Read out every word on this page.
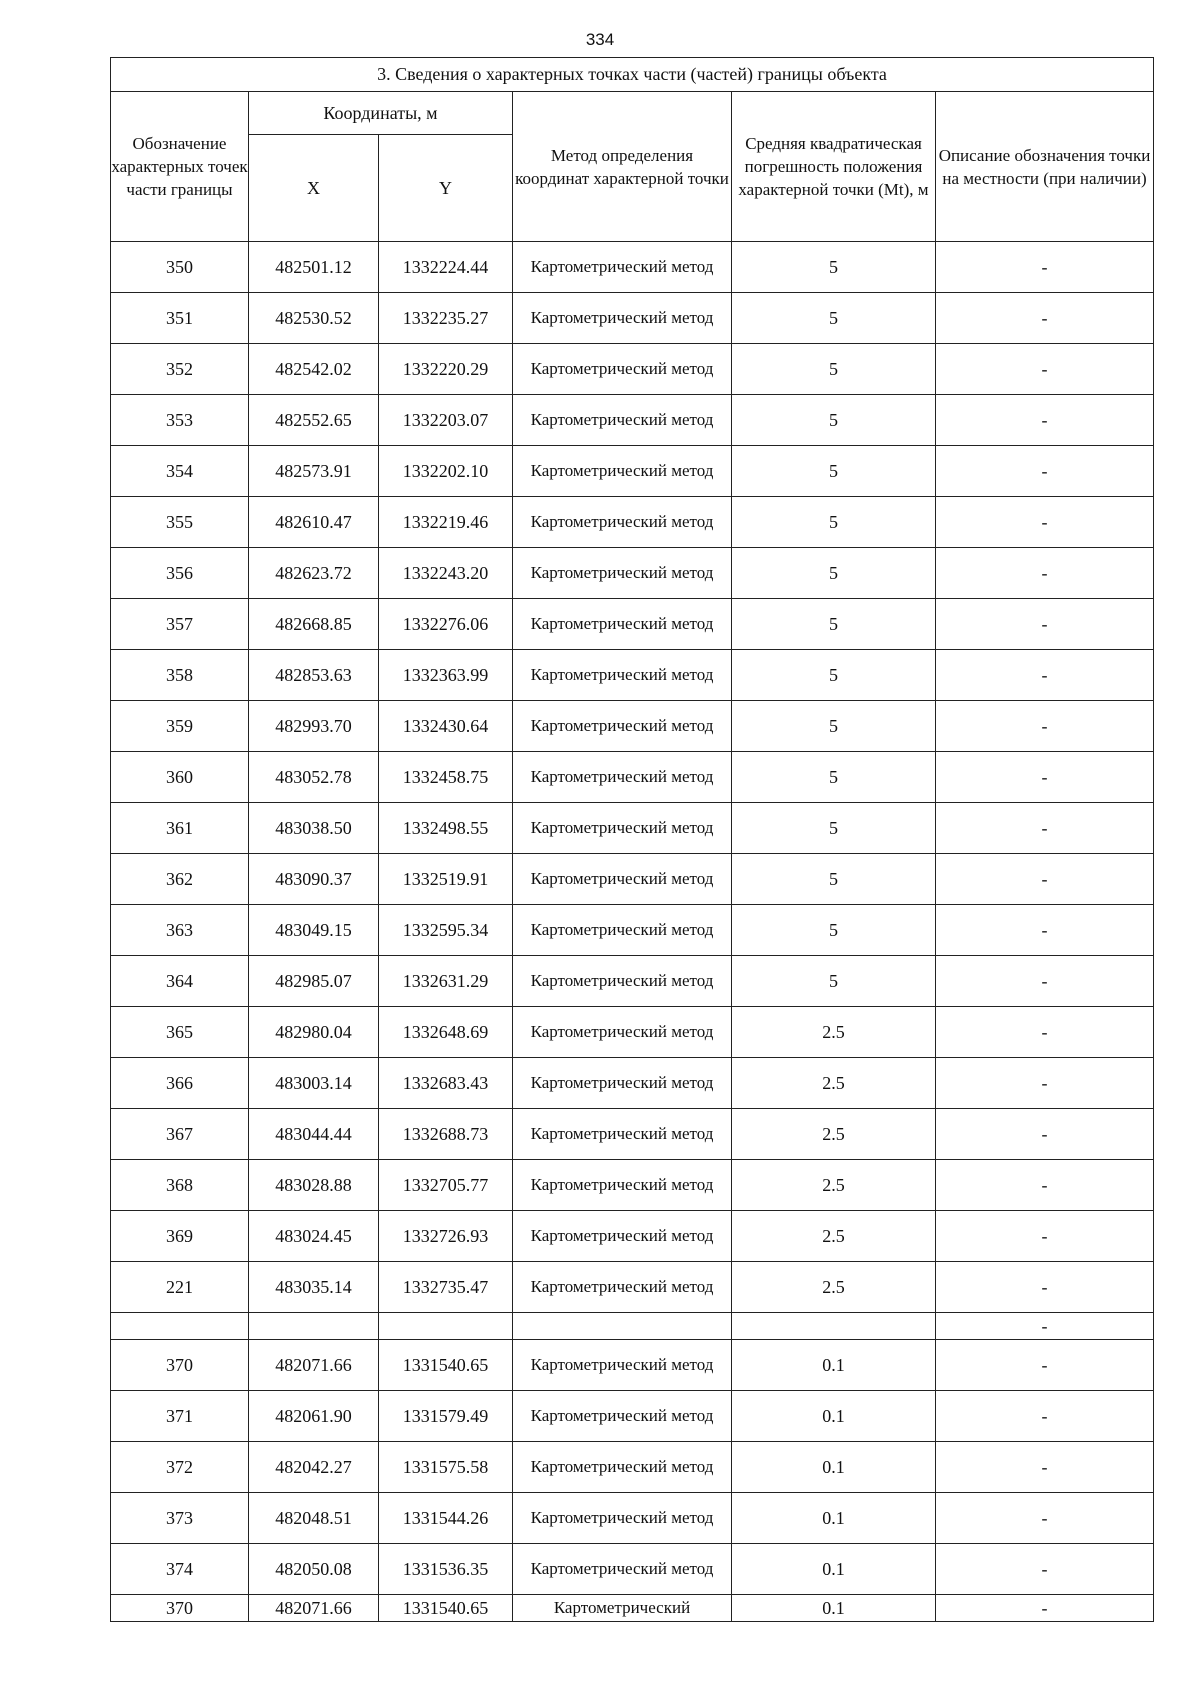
334
3. Сведения о характерных точках части (частей) границы объекта					
Обозначение характерных точек части границы	Координаты, м		Метод определения координат характерной точки	Средняя квадратическая погрешность положения характерной точки (Mt), м	Описание обозначения точки на местности (при наличии)
	X	Y			
350	482501.12	1332224.44	Картометрический метод	5	-
351	482530.52	1332235.27	Картометрический метод	5	-
352	482542.02	1332220.29	Картометрический метод	5	-
353	482552.65	1332203.07	Картометрический метод	5	-
354	482573.91	1332202.10	Картометрический метод	5	-
355	482610.47	1332219.46	Картометрический метод	5	-
356	482623.72	1332243.20	Картометрический метод	5	-
357	482668.85	1332276.06	Картометрический метод	5	-
358	482853.63	1332363.99	Картометрический метод	5	-
359	482993.70	1332430.64	Картометрический метод	5	-
360	483052.78	1332458.75	Картометрический метод	5	-
361	483038.50	1332498.55	Картометрический метод	5	-
362	483090.37	1332519.91	Картометрический метод	5	-
363	483049.15	1332595.34	Картометрический метод	5	-
364	482985.07	1332631.29	Картометрический метод	5	-
365	482980.04	1332648.69	Картометрический метод	2.5	-
366	483003.14	1332683.43	Картометрический метод	2.5	-
367	483044.44	1332688.73	Картометрический метод	2.5	-
368	483028.88	1332705.77	Картометрический метод	2.5	-
369	483024.45	1332726.93	Картометрический метод	2.5	-
221	483035.14	1332735.47	Картометрический метод	2.5	-
					-
370	482071.66	1331540.65	Картометрический метод	0.1	-
371	482061.90	1331579.49	Картометрический метод	0.1	-
372	482042.27	1331575.58	Картометрический метод	0.1	-
373	482048.51	1331544.26	Картометрический метод	0.1	-
374	482050.08	1331536.35	Картометрический метод	0.1	-
370	482071.66	1331540.65	Картометрический	0.1	-
